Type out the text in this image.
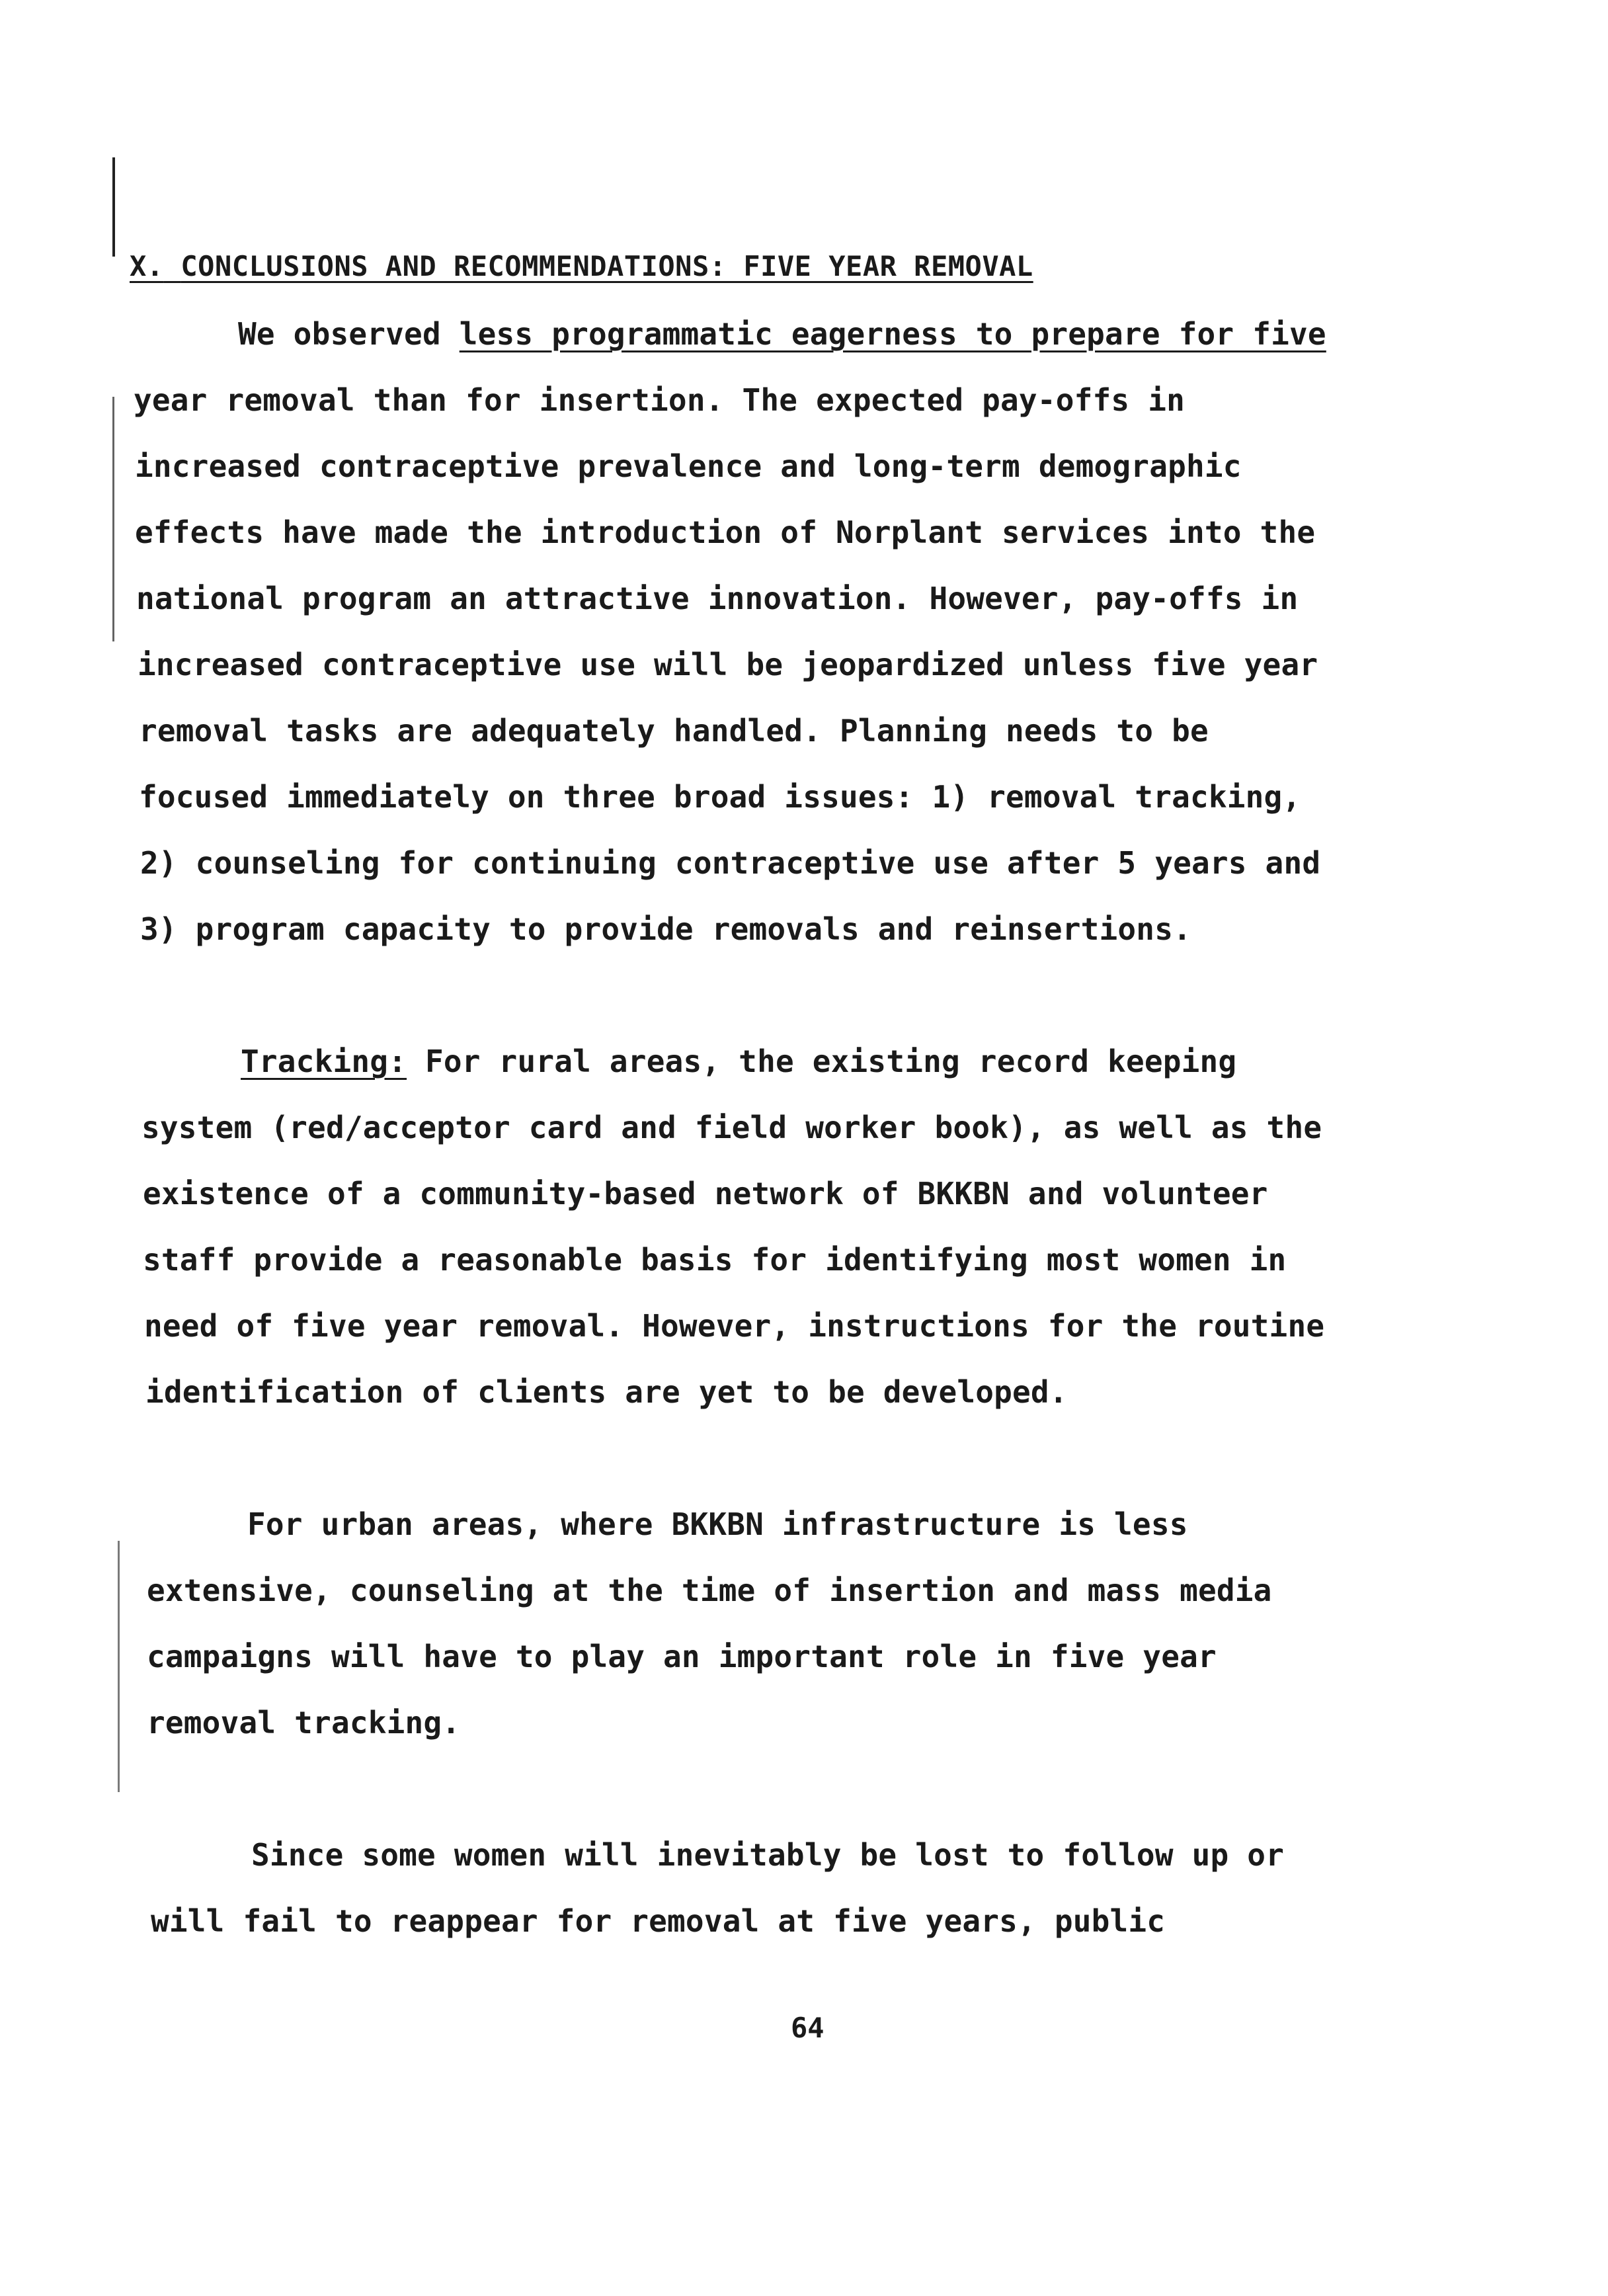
X. CONCLUSIONS AND RECOMMENDATIONS: FIVE YEAR REMOVAL
We observed less programmatic eagerness to prepare for five
year removal than for insertion. The expected pay-offs in
increased contraceptive prevalence and long-term demographic
effects have made the introduction of Norplant services into the
national program an attractive innovation. However, pay-offs in
increased contraceptive use will be jeopardized unless five year
removal tasks are adequately handled. Planning needs to be
focused immediately on three broad issues: 1) removal tracking,
2) counseling for continuing contraceptive use after 5 years and
3) program capacity to provide removals and reinsertions.
Tracking: For rural areas, the existing record keeping
system (red/acceptor card and field worker book), as well as the
existence of a community-based network of BKKBN and volunteer
staff provide a reasonable basis for identifying most women in
need of five year removal. However, instructions for the routine
identification of clients are yet to be developed.
For urban areas, where BKKBN infrastructure is less
extensive, counseling at the time of insertion and mass media
campaigns will have to play an important role in five year
removal tracking.
Since some women will inevitably be lost to follow up or
will fail to reappear for removal at five years, public
64
